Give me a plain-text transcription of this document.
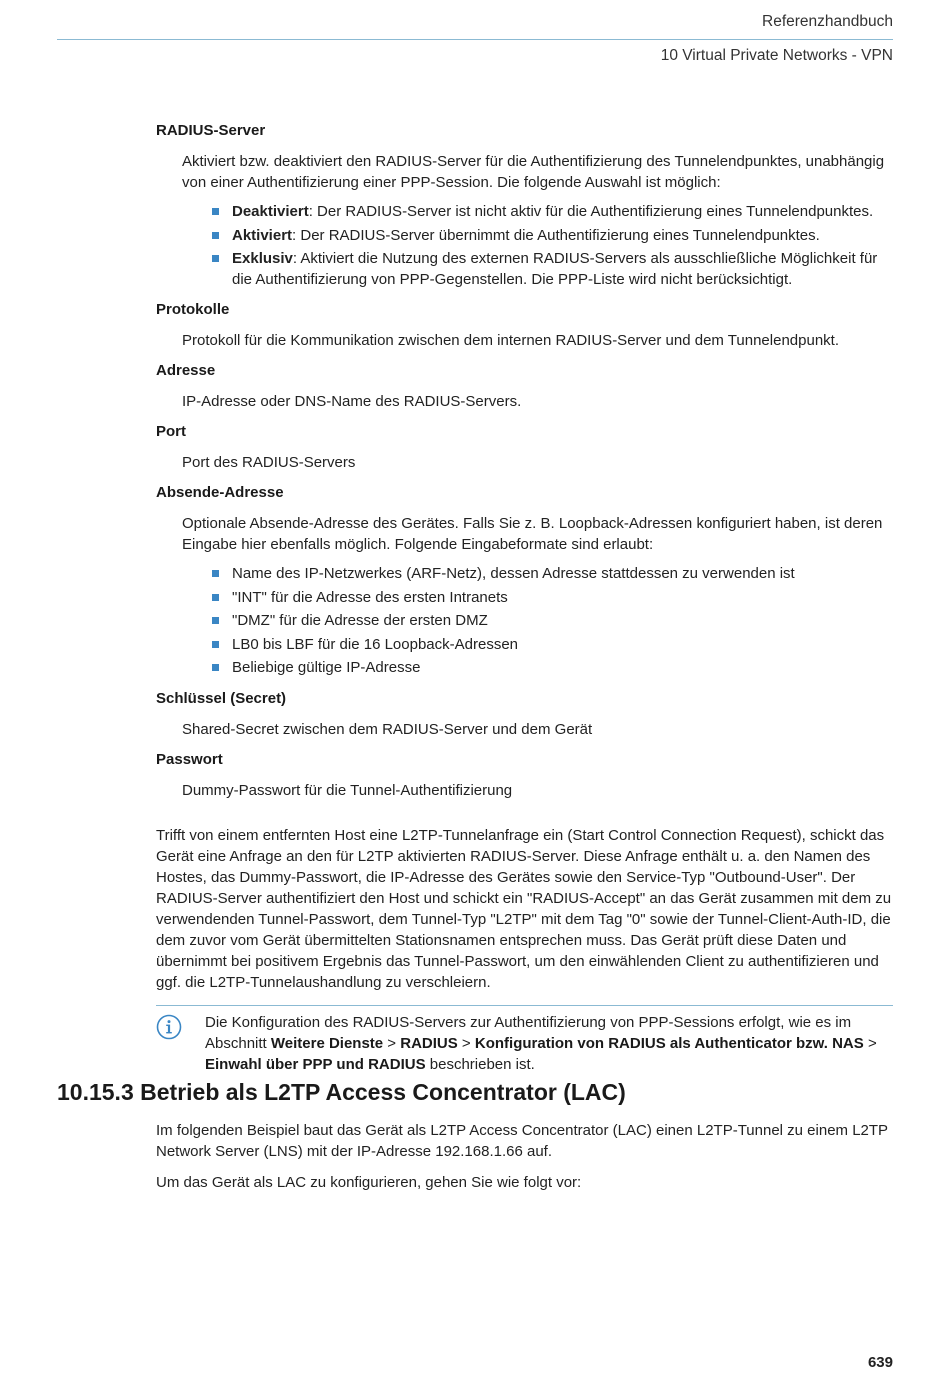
Referenzhandbuch
10 Virtual Private Networks - VPN
RADIUS-Server

Aktiviert bzw. deaktiviert den RADIUS-Server für die Authentifizierung des Tunnelendpunktes, unabhängig von einer Authentifizierung einer PPP-Session. Die folgende Auswahl ist möglich:

Deaktiviert: Der RADIUS-Server ist nicht aktiv für die Authentifizierung eines Tunnelendpunktes.
Aktiviert: Der RADIUS-Server übernimmt die Authentifizierung eines Tunnelendpunktes.
Exklusiv: Aktiviert die Nutzung des externen RADIUS-Servers als ausschließliche Möglichkeit für die Authentifizierung von PPP-Gegenstellen. Die PPP-Liste wird nicht berücksichtigt.
Protokolle

Protokoll für die Kommunikation zwischen dem internen RADIUS-Server und dem Tunnelendpunkt.

Adresse

IP-Adresse oder DNS-Name des RADIUS-Servers.

Port

Port des RADIUS-Servers

Absende-Adresse

Optionale Absende-Adresse des Gerätes. Falls Sie z. B. Loopback-Adressen konfiguriert haben, ist deren Eingabe hier ebenfalls möglich. Folgende Eingabeformate sind erlaubt:

Name des IP-Netzwerkes (ARF-Netz), dessen Adresse stattdessen zu verwenden ist
"INT" für die Adresse des ersten Intranets
"DMZ" für die Adresse der ersten DMZ
LB0 bis LBF für die 16 Loopback-Adressen
Beliebige gültige IP-Adresse
Schlüssel (Secret)

Shared-Secret zwischen dem RADIUS-Server und dem Gerät

Passwort

Dummy-Passwort für die Tunnel-Authentifizierung

Trifft von einem entfernten Host eine L2TP-Tunnelanfrage ein (Start Control Connection Request), schickt das Gerät eine Anfrage an den für L2TP aktivierten RADIUS-Server. Diese Anfrage enthält u. a. den Namen des Hostes, das Dummy-Passwort, die IP-Adresse des Gerätes sowie den Service-Typ "Outbound-User". Der RADIUS-Server authentifiziert den Host und schickt ein "RADIUS-Accept" an das Gerät zusammen mit dem zu verwendenden Tunnel-Passwort, dem Tunnel-Typ "L2TP" mit dem Tag "0" sowie der Tunnel-Client-Auth-ID, die dem zuvor vom Gerät übermittelten Stationsnamen entsprechen muss. Das Gerät prüft diese Daten und übernimmt bei positivem Ergebnis das Tunnel-Passwort, um den einwählenden Client zu authentifizieren und ggf. die L2TP-Tunnelaushandlung zu verschleiern.
Die Konfiguration des RADIUS-Servers zur Authentifizierung von PPP-Sessions erfolgt, wie es im Abschnitt Weitere Dienste > RADIUS > Konfiguration von RADIUS als Authenticator bzw. NAS > Einwahl über PPP und RADIUS beschrieben ist.
10.15.3 Betrieb als L2TP Access Concentrator (LAC)

Im folgenden Beispiel baut das Gerät als L2TP Access Concentrator (LAC) einen L2TP-Tunnel zu einem L2TP Network Server (LNS) mit der IP-Adresse 192.168.1.66 auf.

Um das Gerät als LAC zu konfigurieren, gehen Sie wie folgt vor:

639
